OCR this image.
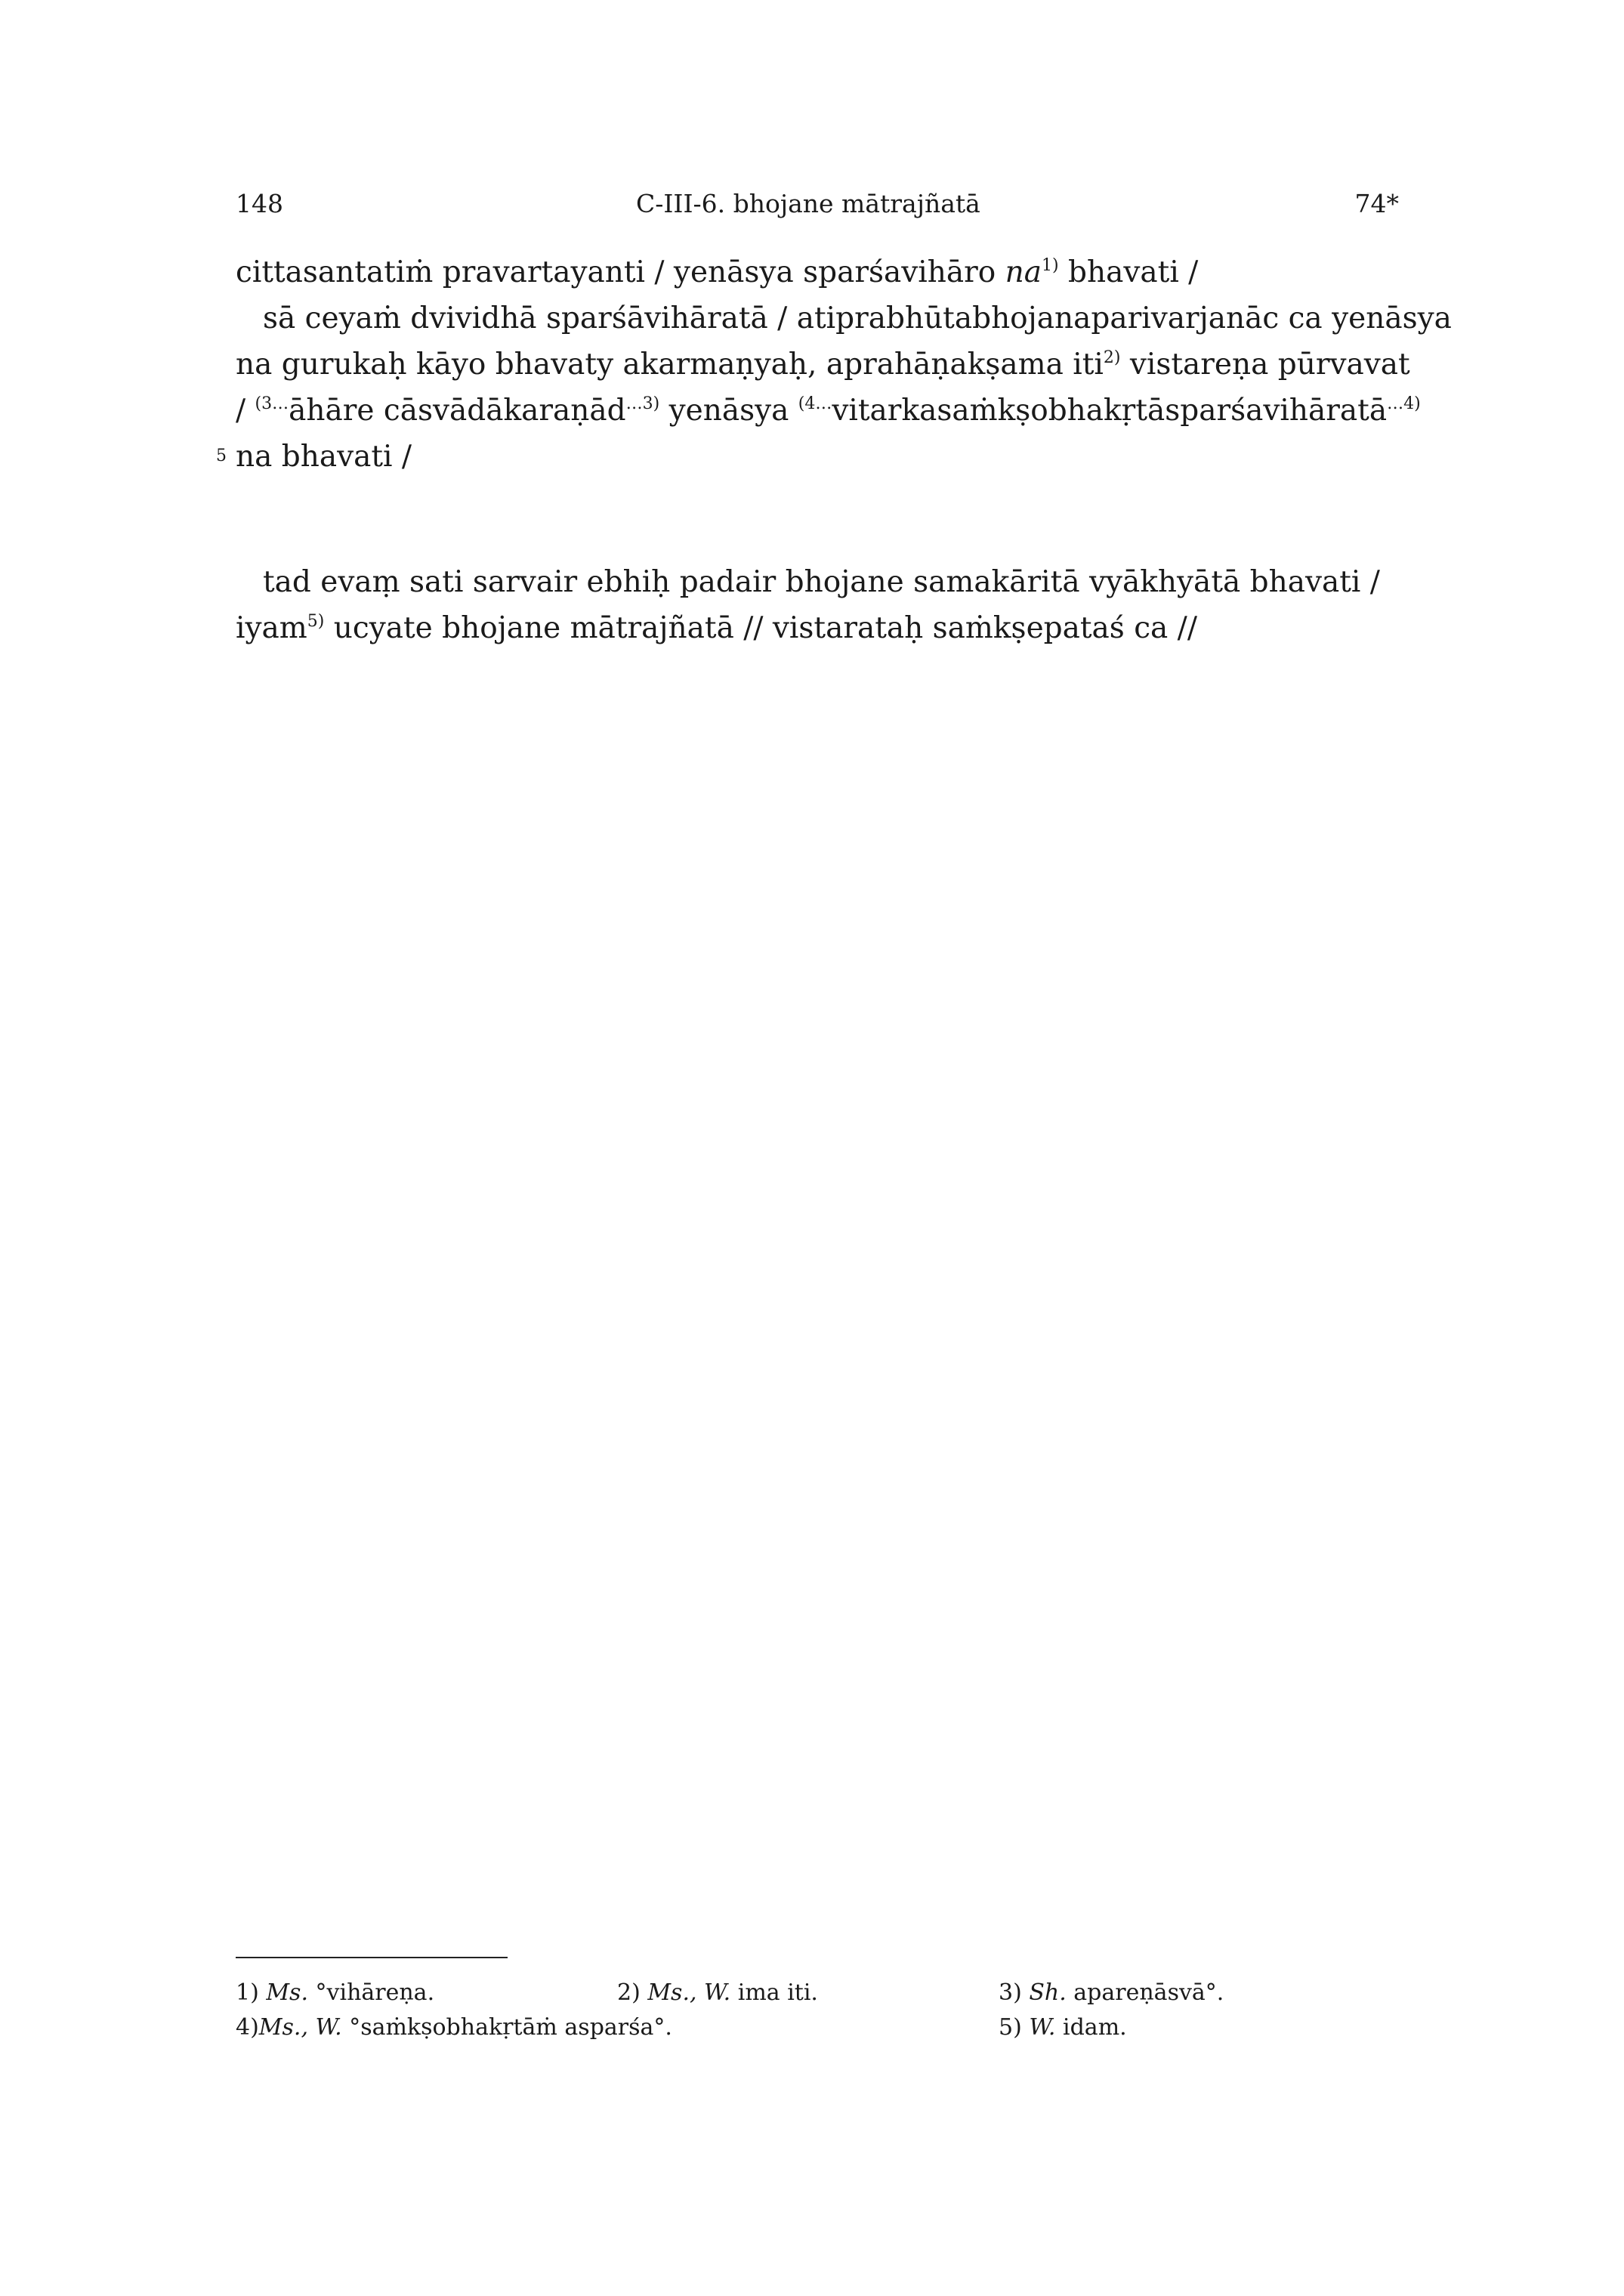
148	C-III-6. bhojane mātrajñatā	74*
cittasantatiṁ pravartayanti / yenāsya sparśavihāro $na^{1)}$ bhavati /
sā ceyaṁ dvividhā sparśāvihāratā / atiprabhūtabhojanaparivarjanāc ca yenāsya
na gurukaḥ kāyo bhavaty akarmaṇyaḥ, aprahāṇakṣama iti$^{2)}$ vistareṇa pūrvavat
/ $^{(3\dots}$āhāre cāsvādākaraṇād$^{\dots 3)}$ yenāsya $^{(4\dots}$vitarkasaṁkṣobhakṛtāsparśavihāratā$^{\dots 4)}$
na bhavati /
5
tad evaṃ sati sarvair ebhiḥ padair bhojane samakāritā vyākhyātā bhavati /
iyam$^{5)}$ ucyate bhojane mātrajñatā // vistarataḥ saṁkṣepataś ca //
1) Ms. °vihāreṇa.	2) Ms., W. ima iti.	3) Sh. apareṇāsvā°.
4)Ms., W. °saṁkṣobhakṛtāṁ asparśa°.	5) W. idam.
